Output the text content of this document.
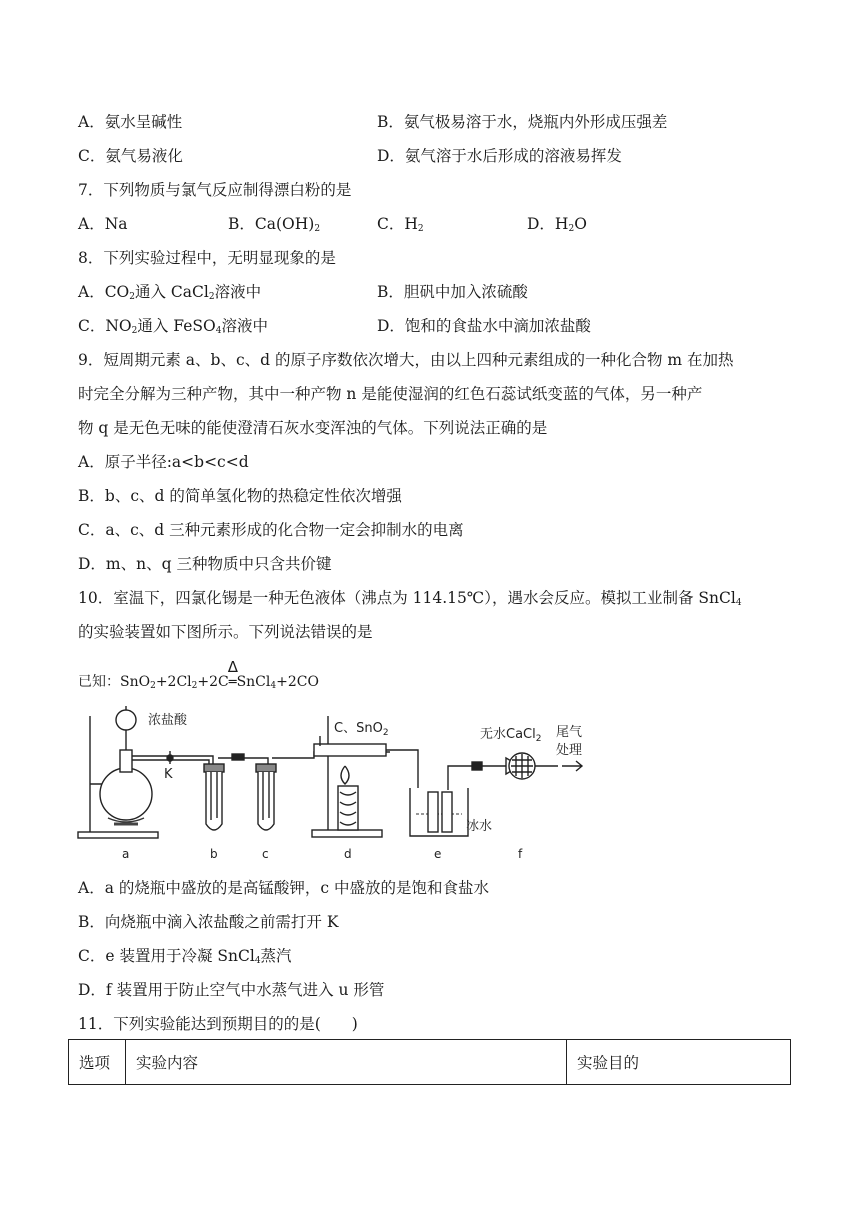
A．氨水呈碱性	B．氨气极易溶于水，烧瓶内外形成压强差
C．氨气易液化	D．氨气溶于水后形成的溶液易挥发
7．下列物质与氯气反应制得漂白粉的是
A．Na	B．$Ca(OH)_2$	C．$H_2$	D．$H_2O$
8．下列实验过程中，无明显现象的是
A．$CO_2$通入 CaCl$_2$溶液中	B．胆矾中加入浓硫酸
C．$NO_2$通入 FeSO$_4$溶液中	D．饱和的食盐水中滴加浓盐酸
9．短周期元素 a、b、c、d 的原子序数依次增大，由以上四种元素组成的一种化合物 m 在加热
时完全分解为三种产物，其中一种产物 n 是能使湿润的红色石蕊试纸变蓝的气体，另一种产
物 q 是无色无味的能使澄清石灰水变浑浊的气体。下列说法正确的是
A．原子半径:a<b<c<d
B．b、c、d 的简单氢化物的热稳定性依次增强
C．a、c、d 三种元素形成的化合物一定会抑制水的电离
D．m、n、q 三种物质中只含共价键
10．室温下，四氯化锡是一种无色液体（沸点为 114.15℃），遇水会反应。模拟工业制备 SnCl$_4$
的实验装置如下图所示。下列说法错误的是
已知：$SnO_2+2Cl_2+2C$
Δ
═SnCl$_4$+2CO
浓盐酸
K
C、SnO$_2$	无水CaCl$_2$ 尾气
处理
冰水
a	b	c	d	e	f
A．a 的烧瓶中盛放的是高锰酸钾，c 中盛放的是饱和食盐水
B．向烧瓶中滴入浓盐酸之前需打开 K
C．e 装置用于冷凝 SnCl$_4$蒸汽
D．f 装置用于防止空气中水蒸气进入 u 形管
11．下列实验能达到预期目的的是(　　)
选项	实验内容	实验目的
